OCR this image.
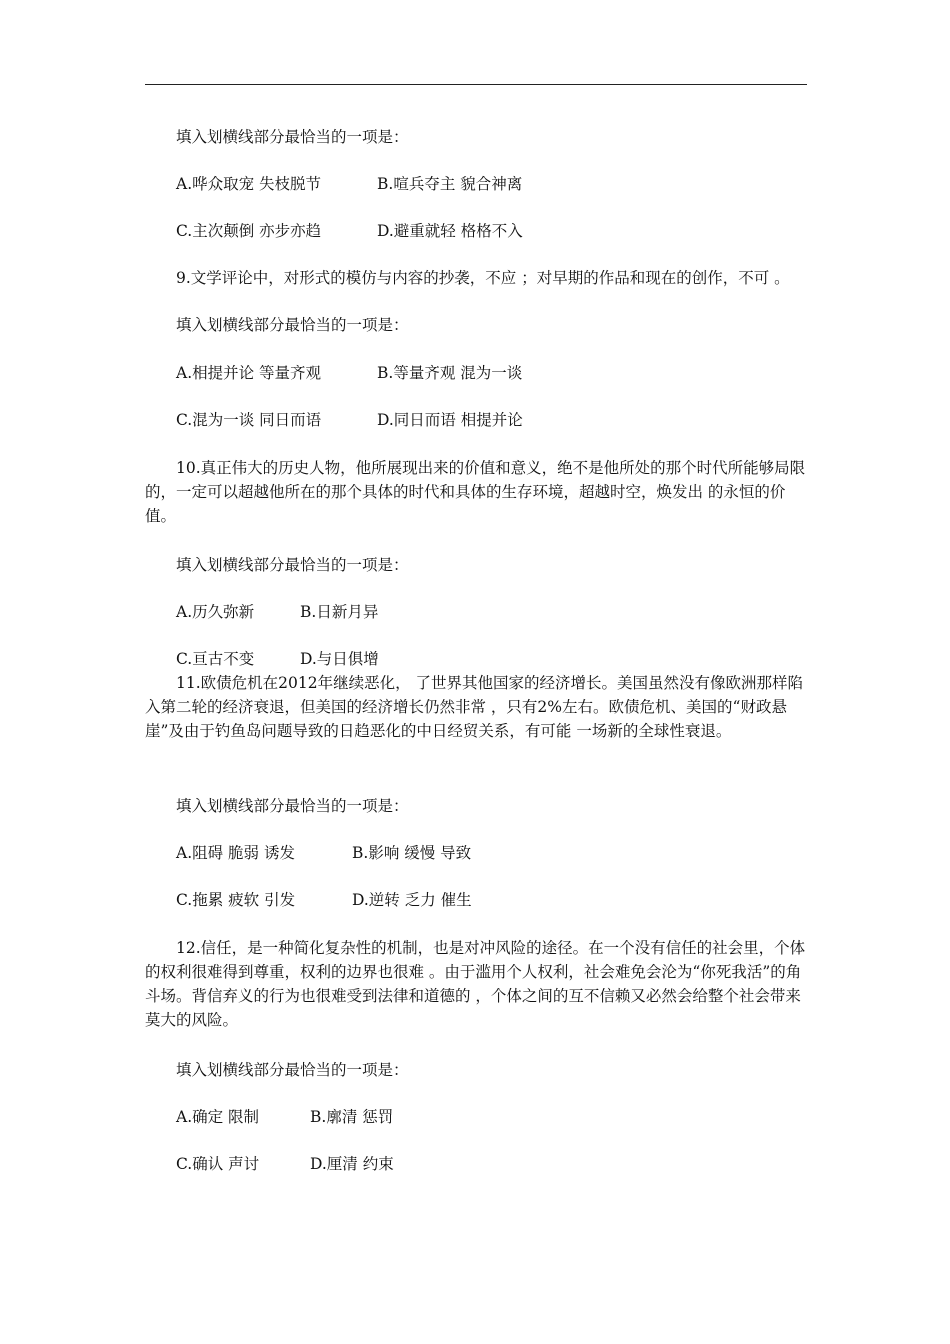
填入划横线部分最恰当的一项是：
A.哗众取宠 失枝脱节	B.喧兵夺主 貌合神离
C.主次颠倒 亦步亦趋	D.避重就轻 格格不入
9.文学评论中，对形式的模仿与内容的抄袭，不应 ；对早期的作品和现在的创作，不可 。
填入划横线部分最恰当的一项是：
A.相提并论 等量齐观	B.等量齐观 混为一谈
C.混为一谈 同日而语	D.同日而语 相提并论
10.真正伟大的历史人物，他所展现出来的价值和意义，绝不是他所处的那个时代所能够局限的，一定可以超越他所在的那个具体的时代和具体的生存环境，超越时空，焕发出 的永恒的价值。
填入划横线部分最恰当的一项是：
A.历久弥新	B.日新月异
C.亘古不变	D.与日俱增
11.欧债危机在2012年继续恶化， 了世界其他国家的经济增长。美国虽然没有像欧洲那样陷入第二轮的经济衰退，但美国的经济增长仍然非常 ，只有2%左右。欧债危机、美国的“财政悬崖”及由于钓鱼岛问题导致的日趋恶化的中日经贸关系，有可能 一场新的全球性衰退。
填入划横线部分最恰当的一项是：
A.阻碍 脆弱 诱发	B.影响 缓慢 导致
C.拖累 疲软 引发	D.逆转 乏力 催生
12.信任，是一种简化复杂性的机制，也是对冲风险的途径。在一个没有信任的社会里，个体的权利很难得到尊重，权利的边界也很难 。由于滥用个人权利，社会难免会沦为“你死我活”的角斗场。背信弃义的行为也很难受到法律和道德的 ，个体之间的互不信赖又必然会给整个社会带来莫大的风险。
填入划横线部分最恰当的一项是：
A.确定 限制	B.廓清 惩罚
C.确认 声讨	D.厘清 约束
